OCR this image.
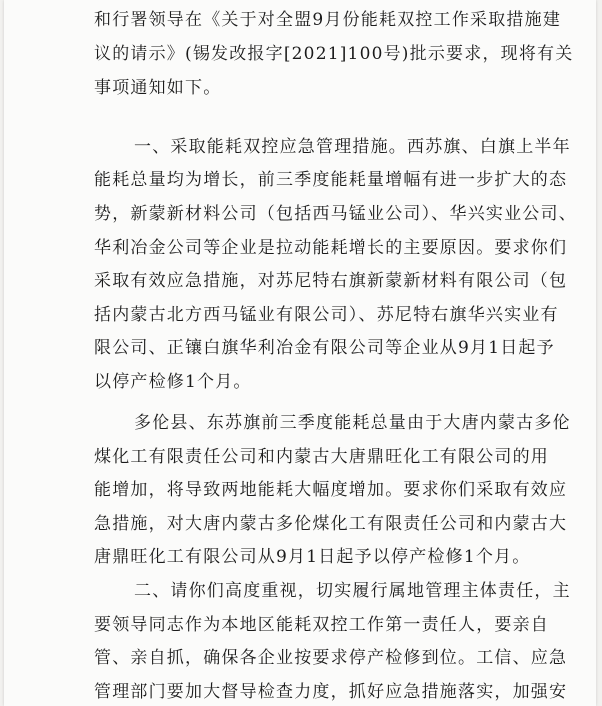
和行署领导在《关于对全盟9月份能耗双控工作采取措施建

议的请示》(锡发改报字[2021]100号)批示要求，现将有关

事项通知如下。

一、采取能耗双控应急管理措施。西苏旗、白旗上半年

能耗总量均为增长，前三季度能耗量增幅有进一步扩大的态

势，新蒙新材料公司（包括西马锰业公司）、华兴实业公司、

华利冶金公司等企业是拉动能耗增长的主要原因。要求你们

采取有效应急措施，对苏尼特右旗新蒙新材料有限公司（包

括内蒙古北方西马锰业有限公司）、苏尼特右旗华兴实业有

限公司、正镶白旗华利冶金有限公司等企业从9月1日起予

以停产检修1个月。

多伦县、东苏旗前三季度能耗总量由于大唐内蒙古多伦

煤化工有限责任公司和内蒙古大唐鼎旺化工有限公司的用

能增加，将导致两地能耗大幅度增加。要求你们采取有效应

急措施，对大唐内蒙古多伦煤化工有限责任公司和内蒙古大

唐鼎旺化工有限公司从9月1日起予以停产检修1个月。

二、请你们高度重视，切实履行属地管理主体责任，主

要领导同志作为本地区能耗双控工作第一责任人，要亲自

管、亲自抓，确保各企业按要求停产检修到位。工信、应急

管理部门要加大督导检查力度，抓好应急措施落实，加强安
